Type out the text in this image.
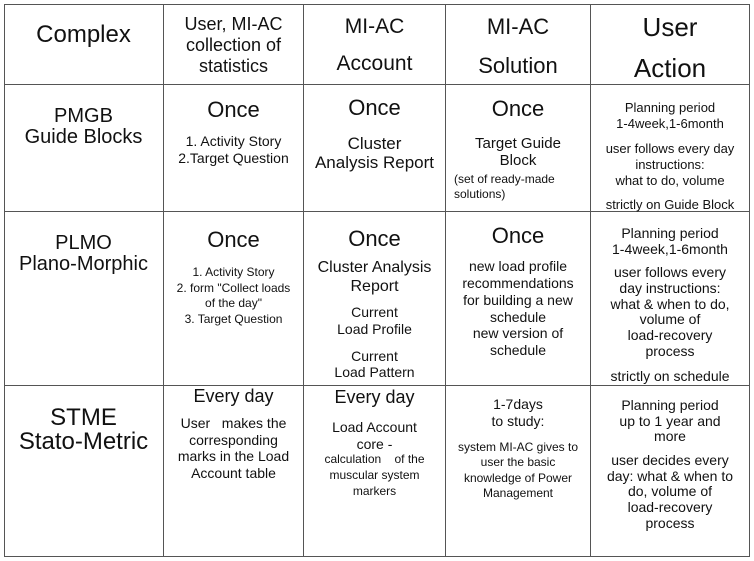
Complex	User, MI-AC
collection of
statistics
MI-AC
Account
MI-AC
Solution
User
Action
PMGB
Guide Blocks
Once
1. Activity Story
2.Target Question
Once
Cluster
Analysis Report
Once
Target Guide
Block
(set of ready-made
solutions)
Planning period
1-4week,1-6month
user follows every day
instructions:
what to do, volume
strictly on Guide Block
PLMO
Plano-Morphic
Once
1. Activity Story
2. form "Collect loads
of the day"
3. Target Question
Once
Cluster Analysis
Report
Current
Load Profile
Current
Load Pattern
Once
new load profile
recommendations
for building a new
schedule
new version of
schedule
Planning period
1-4week,1-6month
user follows every
day instructions:
what & when to do,
volume of
load-recovery
process
strictly on schedule
STME
Stato-Metric
Every day
User   makes the
corresponding
marks in the Load
Account table
Every day
Load Account
core -
calculation    of the
muscular system
markers
1-7days
to study:
system MI-AC gives to
user the basic
knowledge of Power
Management
Planning period
up to 1 year and
more
user decides every
day: what & when to
do, volume of
load-recovery
process
